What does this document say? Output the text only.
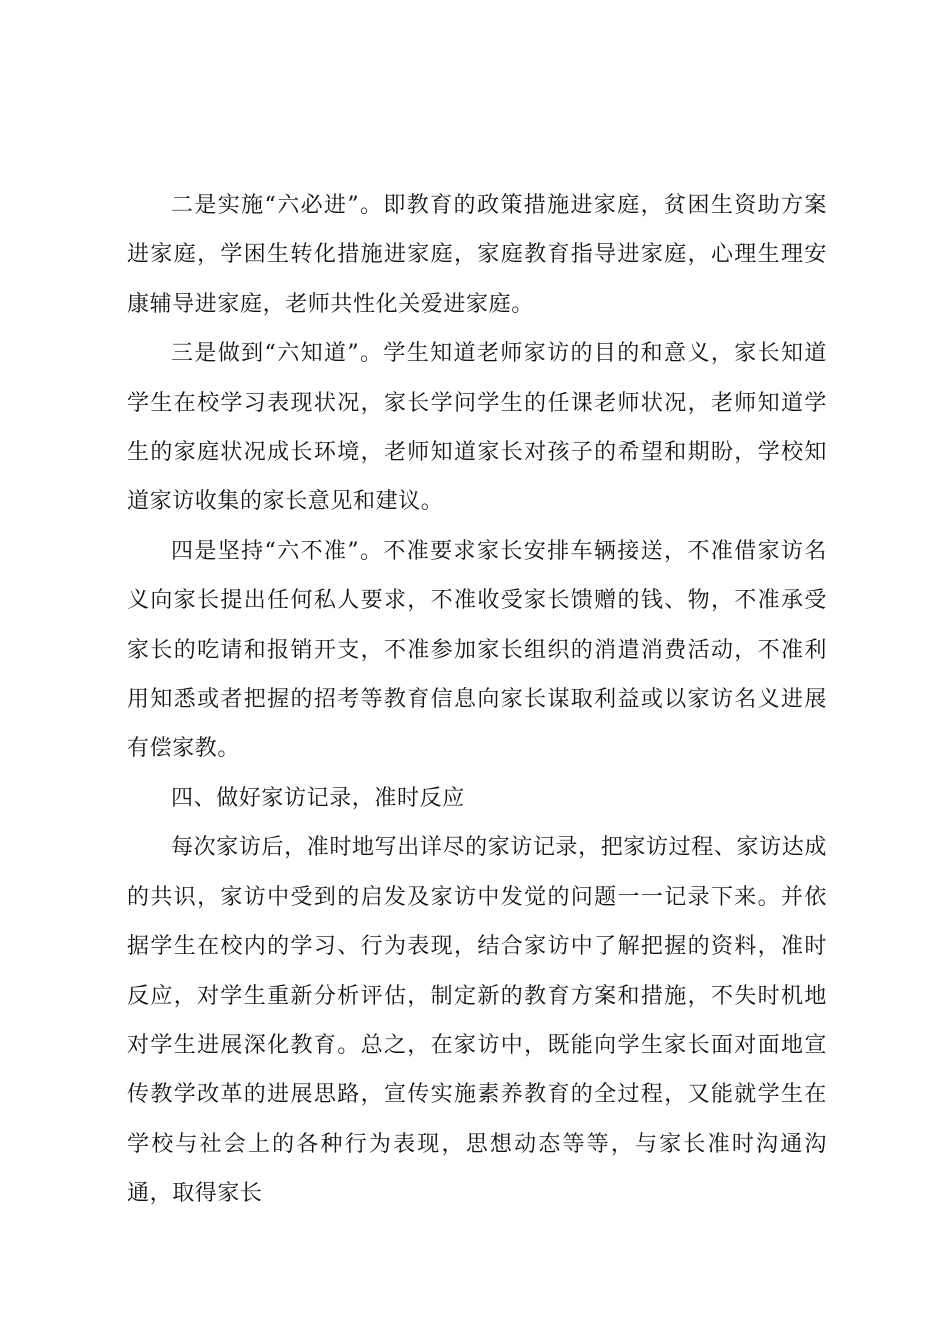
二是实施“六必进”。即教育的政策措施进家庭，贫困生资助方案进家庭，学困生转化措施进家庭，家庭教育指导进家庭，心理生理安康辅导进家庭，老师共性化关爱进家庭。

三是做到“六知道”。学生知道老师家访的目的和意义，家长知道学生在校学习表现状况，家长学问学生的任课老师状况，老师知道学生的家庭状况成长环境，老师知道家长对孩子的希望和期盼，学校知道家访收集的家长意见和建议。

四是坚持“六不准”。不准要求家长安排车辆接送，不准借家访名义向家长提出任何私人要求，不准收受家长馈赠的钱、物，不准承受家长的吃请和报销开支，不准参加家长组织的消遣消费活动，不准利用知悉或者把握的招考等教育信息向家长谋取利益或以家访名义进展有偿家教。

四、做好家访记录，准时反应

每次家访后，准时地写出详尽的家访记录，把家访过程、家访达成的共识，家访中受到的启发及家访中发觉的问题一一记录下来。并依据学生在校内的学习、行为表现，结合家访中了解把握的资料，准时反应，对学生重新分析评估，制定新的教育方案和措施，不失时机地对学生进展深化教育。总之，在家访中，既能向学生家长面对面地宣传教学改革的进展思路，宣传实施素养教育的全过程，又能就学生在学校与社会上的各种行为表现，思想动态等等，与家长准时沟通沟通，取得家长
